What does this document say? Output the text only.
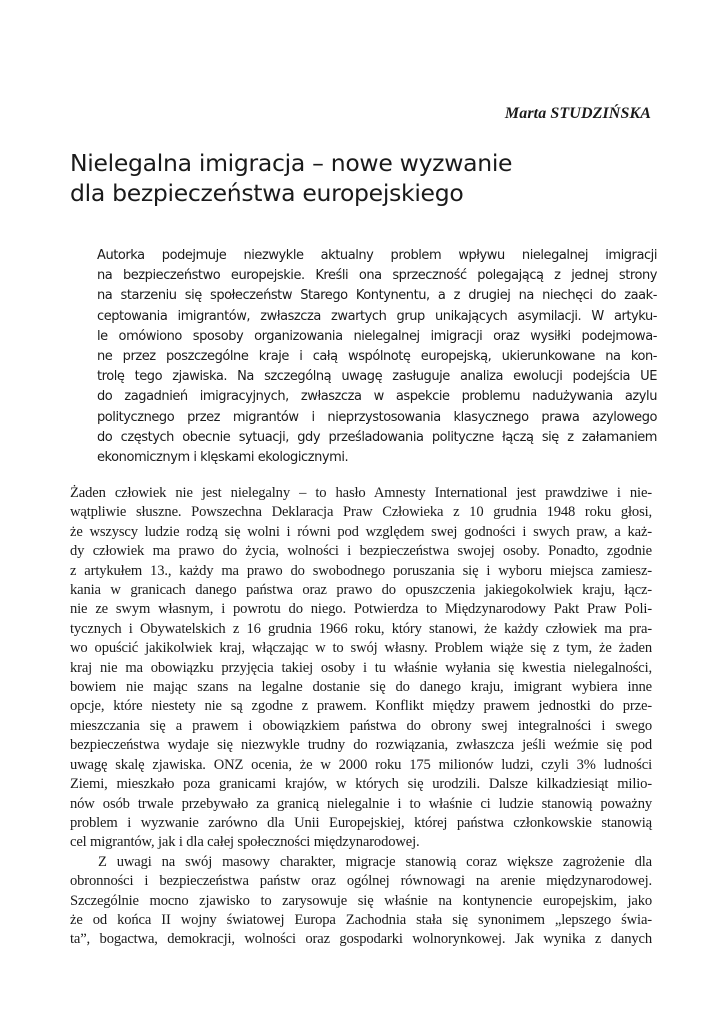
Marta STUDZIŃSKA
Nielegalna imigracja – nowe wyzwanie
dla bezpieczeństwa europejskiego
Autorka podejmuje niezwykle aktualny problem wpływu nielegalnej imigracji
na bezpieczeństwo europejskie. Kreśli ona sprzeczność polegającą z jednej strony
na starzeniu się społeczeństw Starego Kontynentu, a z drugiej na niechęci do zaak-
ceptowania imigrantów, zwłaszcza zwartych grup unikających asymilacji. W artyku-
le omówiono sposoby organizowania nielegalnej imigracji oraz wysiłki podejmowa-
ne przez poszczególne kraje i całą wspólnotę europejską, ukierunkowane na kon-
trolę tego zjawiska. Na szczególną uwagę zasługuje analiza ewolucji podejścia UE
do zagadnień imigracyjnych, zwłaszcza w aspekcie problemu nadużywania azylu
politycznego przez migrantów i nieprzystosowania klasycznego prawa azylowego
do częstych obecnie sytuacji, gdy prześladowania polityczne łączą się z załamaniem
ekonomicznym i klęskami ekologicznymi.
Żaden człowiek nie jest nielegalny – to hasło Amnesty International jest prawdziwe i nie-
wątpliwie słuszne. Powszechna Deklaracja Praw Człowieka z 10 grudnia 1948 roku głosi,
że wszyscy ludzie rodzą się wolni i równi pod względem swej godności i swych praw, a każ-
dy człowiek ma prawo do życia, wolności i bezpieczeństwa swojej osoby. Ponadto, zgodnie
z artykułem 13., każdy ma prawo do swobodnego poruszania się i wyboru miejsca zamiesz-
kania w granicach danego państwa oraz prawo do opuszczenia jakiegokolwiek kraju, łącz-
nie ze swym własnym, i powrotu do niego. Potwierdza to Międzynarodowy Pakt Praw Poli-
tycznych i Obywatelskich z 16 grudnia 1966 roku, który stanowi, że każdy człowiek ma pra-
wo opuścić jakikolwiek kraj, włączając w to swój własny. Problem wiąże się z tym, że żaden
kraj nie ma obowiązku przyjęcia takiej osoby i tu właśnie wyłania się kwestia nielegalności,
bowiem nie mając szans na legalne dostanie się do danego kraju, imigrant wybiera inne
opcje, które niestety nie są zgodne z prawem. Konflikt między prawem jednostki do prze-
mieszczania się a prawem i obowiązkiem państwa do obrony swej integralności i swego
bezpieczeństwa wydaje się niezwykle trudny do rozwiązania, zwłaszcza jeśli weźmie się pod
uwagę skalę zjawiska. ONZ ocenia, że w 2000 roku 175 milionów ludzi, czyli 3% ludności
Ziemi, mieszkało poza granicami krajów, w których się urodzili. Dalsze kilkadziesiąt milio-
nów osób trwale przebywało za granicą nielegalnie i to właśnie ci ludzie stanowią poważny
problem i wyzwanie zarówno dla Unii Europejskiej, której państwa członkowskie stanowią
cel migrantów, jak i dla całej społeczności międzynarodowej.
Z uwagi na swój masowy charakter, migracje stanowią coraz większe zagrożenie dla
obronności i bezpieczeństwa państw oraz ogólnej równowagi na arenie międzynarodowej.
Szczególnie mocno zjawisko to zarysowuje się właśnie na kontynencie europejskim, jako
że od końca II wojny światowej Europa Zachodnia stała się synonimem „lepszego świa-
ta”, bogactwa, demokracji, wolności oraz gospodarki wolnorynkowej. Jak wynika z danych
